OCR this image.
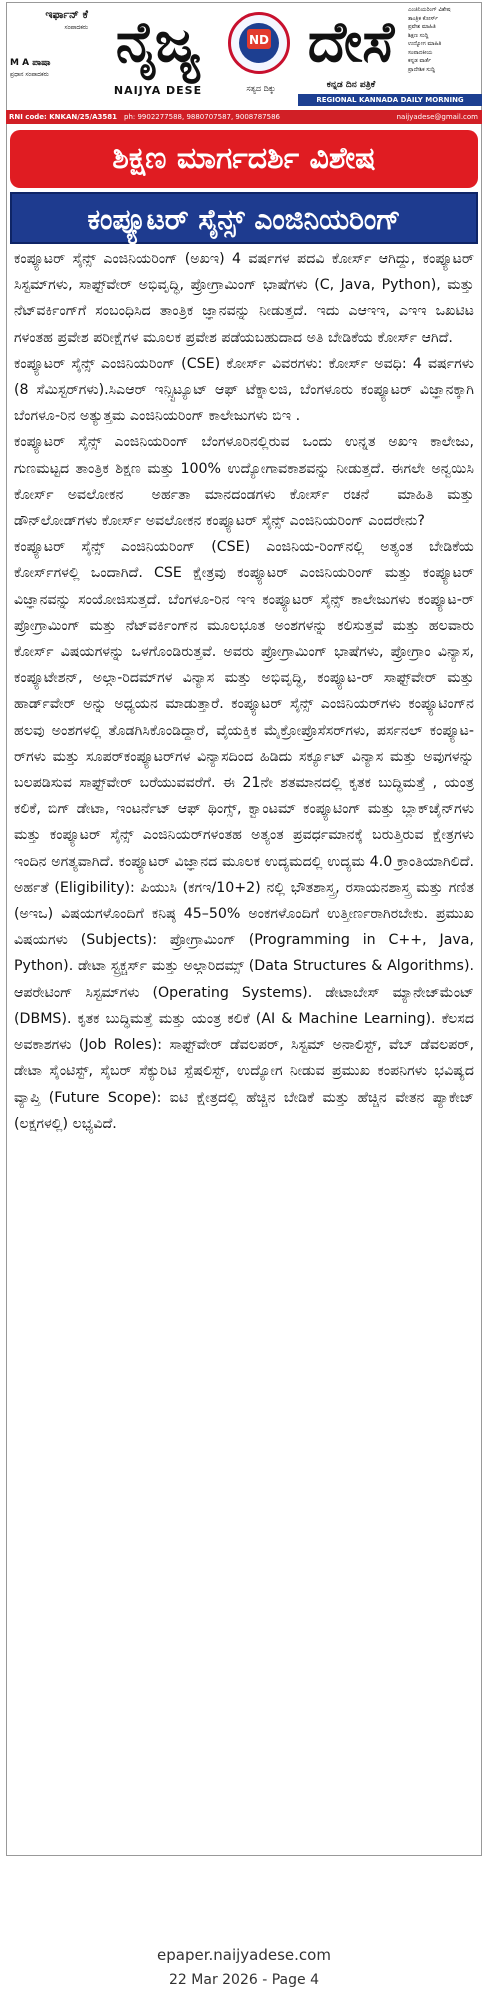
ಇರ್ಫಾನ್ ಕೆ
ಸಂಪಾದಕರು
M A ಪಾಷಾ
ಪ್ರಧಾನ ಸಂಪಾದಕರು	ನೈಜ್ಯ
NAIJYA DESE
ND
ಸತ್ಯದ ದಿಕ್ಕು
ದೇಸೆ
ಕನ್ನಡ ದಿನ ಪತ್ರಿಕೆ
ಎಂಜಿನಿಯರಿಂಗ್ ವಿಶೇಷ
ತಾಂತ್ರಿಕ ಕೋರ್ಸ್
ಪ್ರವೇಶ ಮಾಹಿತಿ
ಶಿಕ್ಷಣ ಸುದ್ದಿ
ಉದ್ಯೋಗ ಮಾಹಿತಿ
ಸಂಪಾದಕೀಯ
ಕನ್ನಡ ವಾರ್ತೆ
ಪ್ರಾದೇಶಿಕ ಸುದ್ದಿ
REGIONAL KANNADA DAILY MORNING
RNI code: KNKAN/25/A3581 ph: 9902277588, 9880707587, 9008787586	naijyadese@gmail.com
ಶಿಕ್ಷಣ ಮಾರ್ಗದರ್ಶಿ ವಿಶೇಷ
ಕಂಪ್ಯೂಟರ್ ಸೈನ್ಸ್ ಎಂಜಿನಿಯರಿಂಗ್

ಕಂಪ್ಯೂಟರ್ ಸೈನ್ಸ್ ಎಂಜಿನಿಯರಿಂಗ್ (ಅಖಇ) 4 ವರ್ಷಗಳ ಪದವಿ ಕೋರ್ಸ್ ಆಗಿದ್ದು, ಕಂಪ್ಯೂಟರ್ ಸಿಸ್ಟಮ್‌ಗಳು, ಸಾಫ್ಟ್‌ವೇರ್ ಅಭಿವೃದ್ಧಿ, ಪ್ರೋಗ್ರಾಮಿಂಗ್ ಭಾಷೆಗಳು (C, Java, Python), ಮತ್ತು ನೆಟ್‌ವರ್ಕಿಂಗ್‌ಗೆ ಸಂಬಂಧಿಸಿದ ತಾಂತ್ರಿಕ ಜ್ಞಾನವನ್ನು ನೀಡುತ್ತದೆ. ಇದು ಎಆಇಇ, ಎಇಇ ಒಖಟಿಟ ಗಳಂತಹ ಪ್ರವೇಶ ಪರೀಕ್ಷೆಗಳ ಮೂಲಕ ಪ್ರವೇಶ ಪಡೆಯಬಹುದಾದ ಅತಿ ಬೇಡಿಕೆಯ ಕೋರ್ಸ್ ಆಗಿದೆ.

ಕಂಪ್ಯೂಟರ್ ಸೈನ್ಸ್ ಎಂಜಿನಿಯರಿಂಗ್ (CSE) ಕೋರ್ಸ್ ವಿವರಗಳು: ಕೋರ್ಸ್ ಅವಧಿ: 4 ವರ್ಷಗಳು (8 ಸೆಮಿಸ್ಟರ್‌ಗಳು).ಸಿಎಆರ್ ಇನ್ಸ್ಟಿಟ್ಯೂಟ್ ಆಫ್ ಟೆಕ್ನಾಲಜಿ, ಬೆಂಗಳೂರು ಕಂಪ್ಯೂಟರ್ ವಿಜ್ಞಾನಕ್ಕಾಗಿ ಬೆಂಗಳೂ-ರಿನ ಅತ್ಯುತ್ತಮ ಎಂಜಿನಿಯರಿಂಗ್ ಕಾಲೇಜುಗಳು ಬಿಇ .

ಕಂಪ್ಯೂಟರ್ ಸೈನ್ಸ್ ಎಂಜಿನಿಯರಿಂಗ್ ಬೆಂಗಳೂರಿನಲ್ಲಿರುವ ಒಂದು ಉನ್ನತ ಅಖಇ ಕಾಲೇಜು, ಗುಣಮಟ್ಟದ ತಾಂತ್ರಿಕ ಶಿಕ್ಷಣ ಮತ್ತು 100% ಉದ್ಯೋಗಾವಕಾಶವನ್ನು ನೀಡುತ್ತದೆ. ಈಗಲೇ ಅನ್ವಯಿಸಿ ಕೋರ್ಸ್ ಅವಲೋಕನ ‌ ಅರ್ಹತಾ ಮಾನದಂಡಗಳು‌ ಕೋರ್ಸ್ ರಚನೆ ‌ ಮಾಹಿತಿ ಮತ್ತು ಡೌನ್‌ಲೋಡ್‌ಗಳು ಕೋರ್ಸ್ ಅವಲೋಕನ ಕಂಪ್ಯೂಟರ್ ಸೈನ್ಸ್ ಎಂಜಿನಿಯರಿಂಗ್ ಎಂದರೇನು?

ಕಂಪ್ಯೂಟರ್ ಸೈನ್ಸ್ ಎಂಜಿನಿಯರಿಂಗ್ (CSE) ಎಂಜಿನಿಯ-ರಿಂಗ್‌ನಲ್ಲಿ ಅತ್ಯಂತ ಬೇಡಿಕೆಯ ಕೋರ್ಸ್‌ಗಳಲ್ಲಿ ಒಂದಾಗಿದೆ. CSE ಕ್ಷೇತ್ರವು ಕಂಪ್ಯೂಟರ್ ಎಂಜಿನಿಯರಿಂಗ್ ಮತ್ತು ಕಂಪ್ಯೂಟರ್ ವಿಜ್ಞಾನವನ್ನು ಸಂಯೋಜಿಸುತ್ತದೆ. ಬೆಂಗಳೂ-ರಿನ ಇಇ ಕಂಪ್ಯೂಟರ್ ಸೈನ್ಸ್ ಕಾಲೇಜುಗಳು ಕಂಪ್ಯೂಟ-ರ್ ಪ್ರೋಗ್ರಾಮಿಂಗ್ ಮತ್ತು ನೆಟ್‌ವರ್ಕಿಂಗ್‌ನ ಮೂಲಭೂತ ಅಂಶಗಳನ್ನು ಕಲಿಸುತ್ತವೆ ಮತ್ತು ಹಲವಾರು ಕೋರ್ಸ್ ವಿಷಯಗಳನ್ನು ಒಳಗೊಂಡಿರುತ್ತವೆ. ಅವರು ಪ್ರೋಗ್ರಾಮಿಂಗ್ ಭಾಷೆಗಳು, ಪ್ರೋಗ್ರಾಂ ವಿನ್ಯಾಸ, ಕಂಪ್ಯೂಟೇಶನ್, ಅಲ್ಗಾ-ರಿದಮ್‌ಗಳ ವಿನ್ಯಾಸ ಮತ್ತು ಅಭಿವೃದ್ಧಿ, ಕಂಪ್ಯೂಟ-ರ್ ಸಾಫ್ಟ್‌ವೇರ್ ಮತ್ತು ಹಾರ್ಡ್‌ವೇರ್ ಅನ್ನು ಅಧ್ಯಯನ ಮಾಡುತ್ತಾರೆ. ಕಂಪ್ಯೂಟರ್ ಸೈನ್ಸ್ ಎಂಜಿನಿಯರ್‌ಗಳು ಕಂಪ್ಯೂಟಿಂಗ್‌ನ ಹಲವು ಅಂಶಗಳಲ್ಲಿ ತೊಡಗಿಸಿಕೊಂಡಿದ್ದಾರೆ, ವೈಯಕ್ತಿಕ ಮೈಕ್ರೋಪ್ರೊಸೆಸರ್‌ಗಳು, ಪರ್ಸನಲ್ ಕಂಪ್ಯೂಟ-ರ್‌ಗಳು ಮತ್ತು ಸೂಪರ್‌ಕಂಪ್ಯೂಟರ್‌ಗಳ ವಿನ್ಯಾಸದಿಂದ ಹಿಡಿದು ಸರ್ಕ್ಯೂಟ್ ವಿನ್ಯಾಸ ಮತ್ತು ಅವುಗಳನ್ನು ಬಲಪಡಿಸುವ ಸಾಫ್ಟ್‌ವೇರ್ ಬರೆಯುವವರೆಗೆ. ಈ 21ನೇ ಶತಮಾನದಲ್ಲಿ ಕೃತಕ ಬುದ್ಧಿಮತ್ತೆ , ಯಂತ್ರ ಕಲಿಕೆ, ಬಿಗ್ ಡೇಟಾ, ಇಂಟರ್ನೆಟ್ ಆಫ್ ಥಿಂಗ್ಸ್, ಕ್ವಾಂಟಮ್ ಕಂಪ್ಯೂಟಿಂಗ್ ಮತ್ತು ಬ್ಲಾಕ್‌ಚೈನ್‌ಗಳು ಮತ್ತು ಕಂಪ್ಯೂಟರ್ ಸೈನ್ಸ್ ಎಂಜಿನಿಯರ್‌ಗಳಂತಹ ಅತ್ಯಂತ ಪ್ರವರ್ಧಮಾನಕ್ಕೆ ಬರುತ್ತಿರುವ ಕ್ಷೇತ್ರಗಳು ಇಂದಿನ ಅಗತ್ಯವಾಗಿದೆ. ಕಂಪ್ಯೂಟರ್ ವಿಜ್ಞಾನದ ಮೂಲಕ ಉದ್ಯಮದಲ್ಲಿ ಉದ್ಯಮ 4.0 ಕ್ರಾಂತಿಯಾಗಿಲಿದೆ. ಅರ್ಹತೆ (Eligibility): ಪಿಯುಸಿ (ಕಗಇ/10+2) ನಲ್ಲಿ ಭೌತಶಾಸ್ತ್ರ, ರಸಾಯನಶಾಸ್ತ್ರ ಮತ್ತು ಗಣಿತ (ಅಇಒ) ವಿಷಯಗಳೊಂದಿಗೆ ಕನಿಷ್ಠ 45–50% ಅಂಕಗಳೊಂದಿಗೆ ಉತ್ತೀರ್ಣರಾಗಿರಬೇಕು. ಪ್ರಮುಖ ವಿಷಯಗಳು (Subjects): ಪ್ರೋಗ್ರಾಮಿಂಗ್ (Programming in C++, Java, Python). ಡೇಟಾ ಸ್ಟ್ರಕ್ಚರ್ಸ್ ಮತ್ತು ಅಲ್ಗಾರಿದಮ್ಸ್ (Data Structures & Algorithms). ಆಪರೇಟಿಂಗ್ ಸಿಸ್ಟಮ್‌ಗಳು (Operating Systems). ಡೇಟಾಬೇಸ್ ಮ್ಯಾನೇಜ್‌ಮೆಂಟ್ (DBMS). ಕೃತಕ ಬುದ್ಧಿಮತ್ತೆ ಮತ್ತು ಯಂತ್ರ ಕಲಿಕೆ (AI & Machine Learning). ಕೆಲಸದ ಅವಕಾಶಗಳು (Job Roles): ಸಾಫ್ಟ್‌ವೇರ್ ಡೆವಲಪರ್, ಸಿಸ್ಟಮ್ ಅನಾಲಿಸ್ಟ್, ವೆಬ್ ಡೆವಲಪರ್, ಡೇಟಾ ಸೈಂಟಿಸ್ಟ್, ಸೈಬರ್ ಸೆಕ್ಯುರಿಟಿ ಸ್ಪೆಷಲಿಸ್ಟ್, ಉದ್ಯೋಗ ನೀಡುವ ಪ್ರಮುಖ ಕಂಪನಿಗಳು ಭವಿಷ್ಯದ ವ್ಯಾಪ್ತಿ (Future Scope): ಐಟಿ ಕ್ಷೇತ್ರದಲ್ಲಿ ಹೆಚ್ಚಿನ ಬೇಡಿಕೆ ಮತ್ತು ಹೆಚ್ಚಿನ ವೇತನ ಪ್ಯಾಕೇಜ್ (ಲಕ್ಷಗಳಲ್ಲಿ) ಲಭ್ಯವಿದೆ.

epaper.naijyadese.com
22 Mar 2026 - Page 4
